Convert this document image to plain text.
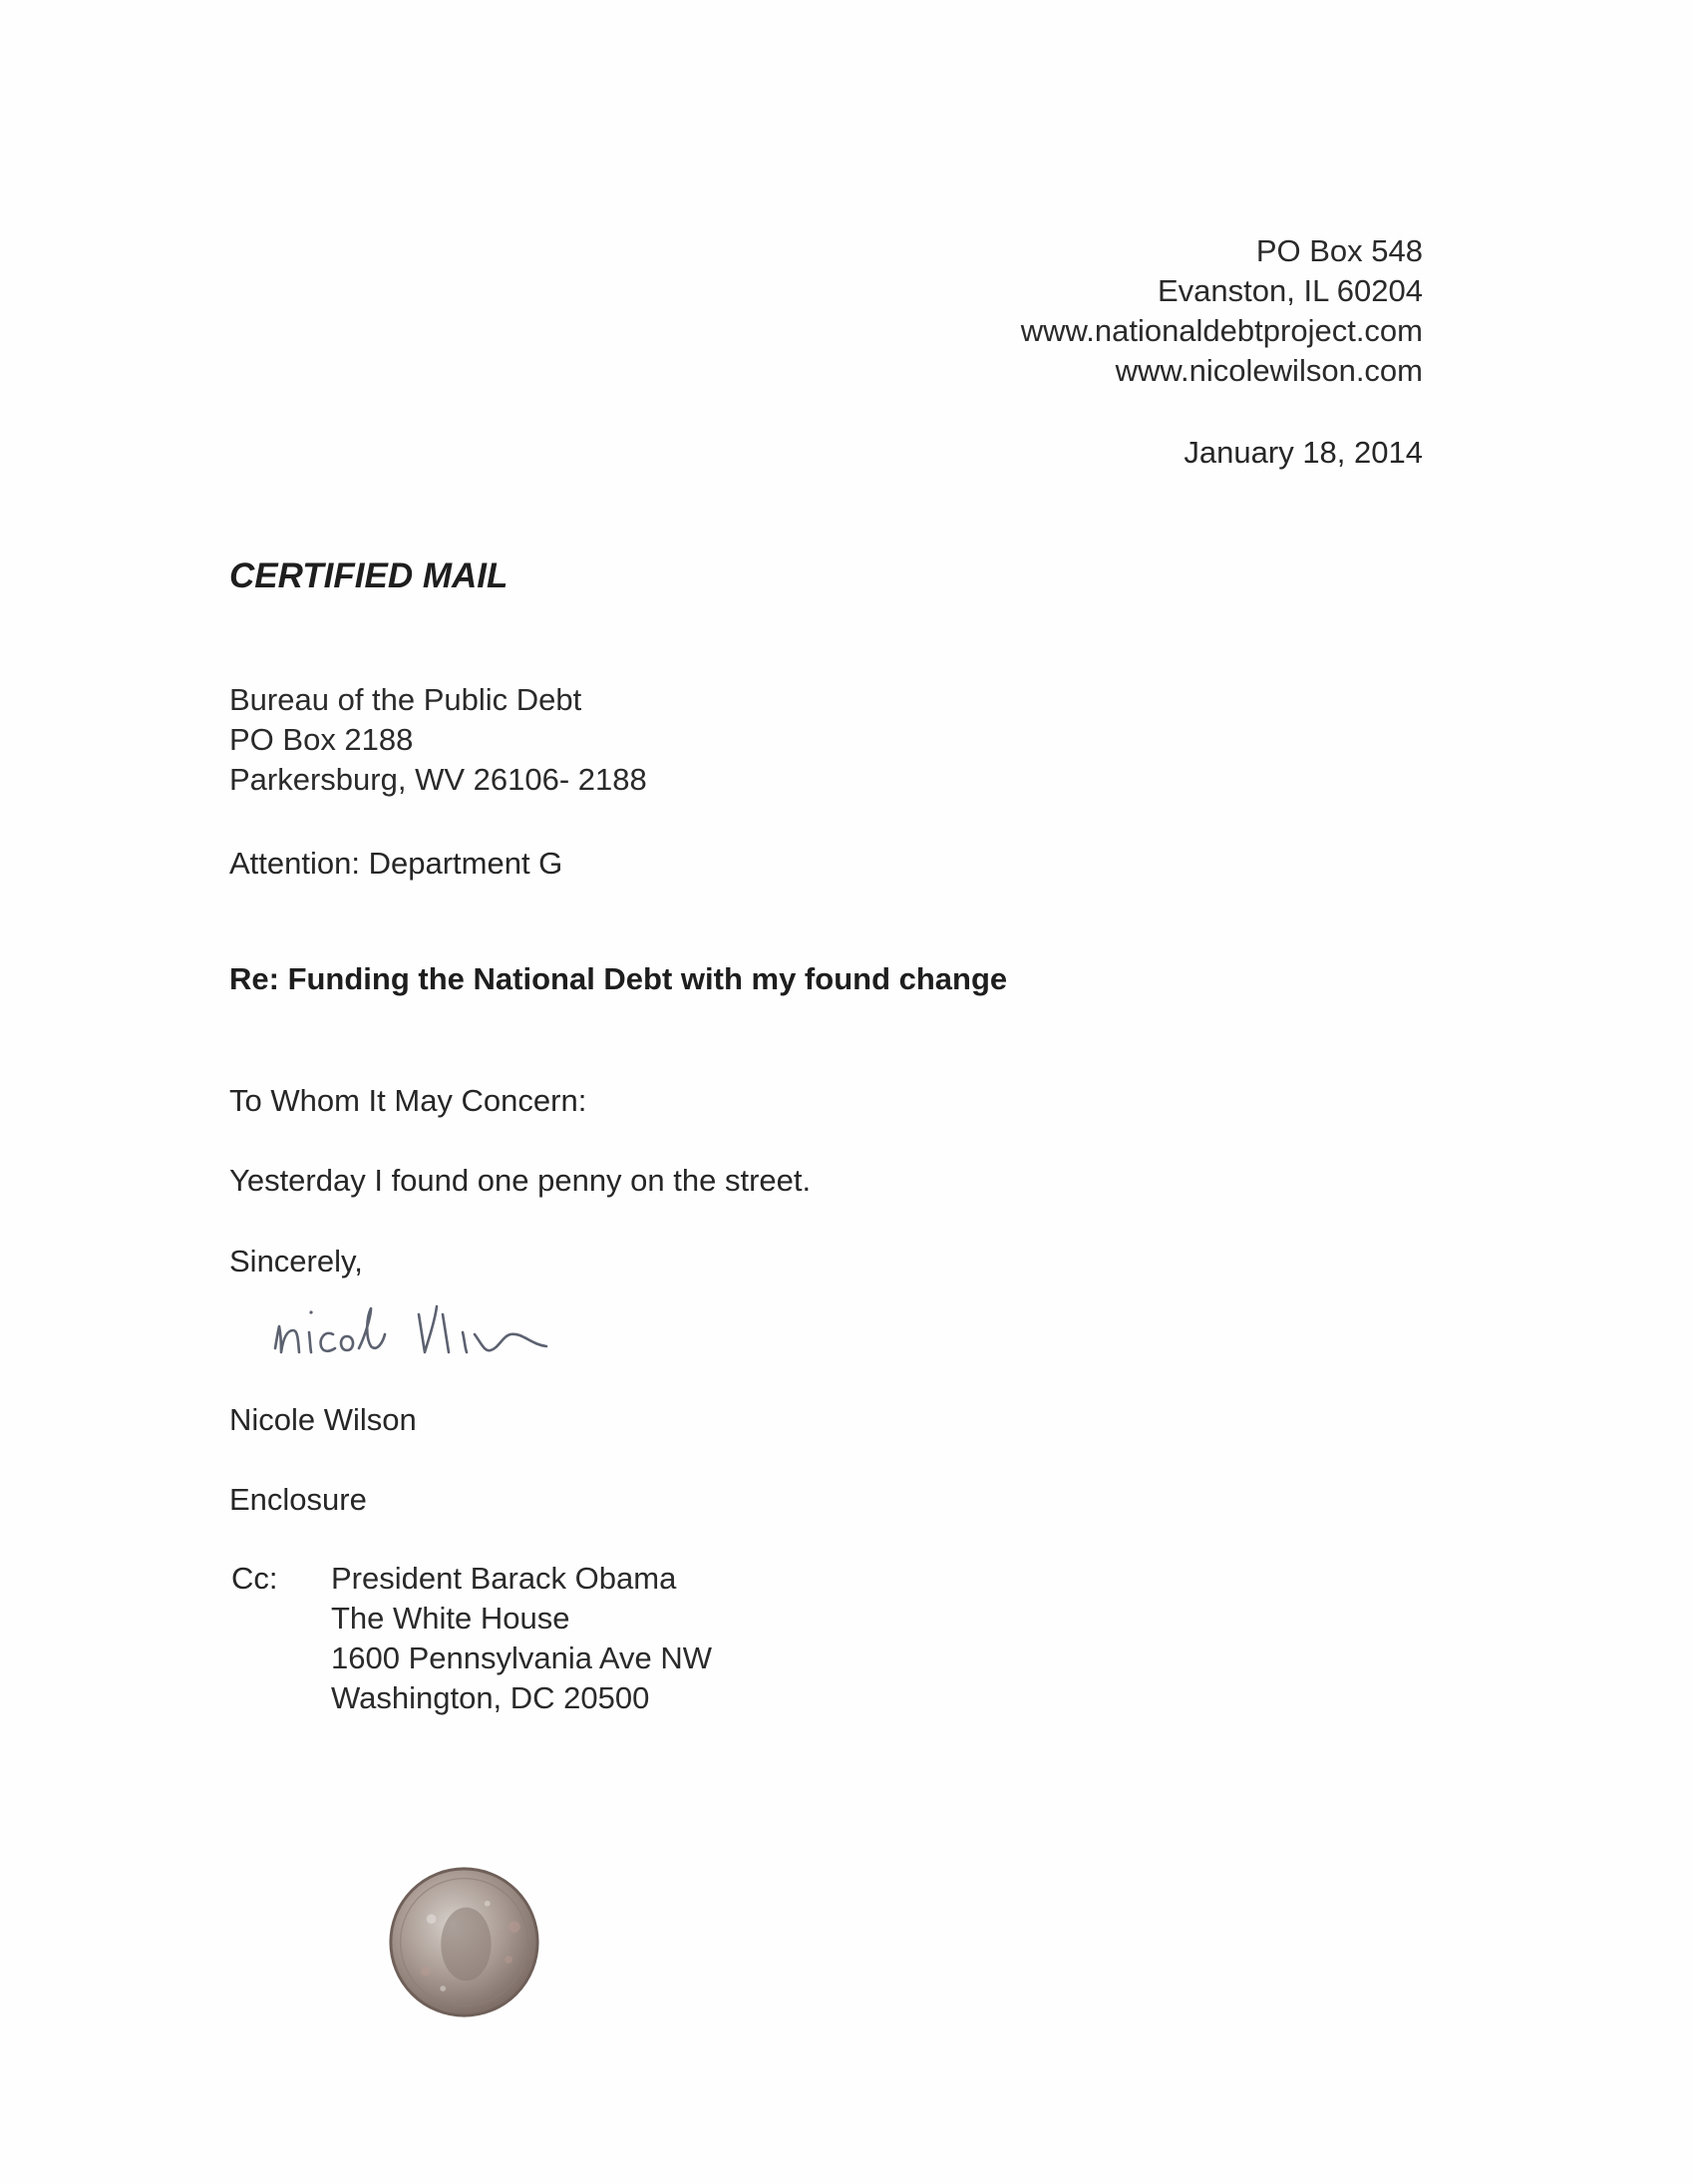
PO Box 548
Evanston, IL 60204
www.nationaldebtproject.com
www.nicolewilson.com
January 18, 2014
CERTIFIED MAIL
Bureau of the Public Debt
PO Box 2188
Parkersburg, WV 26106- 2188
Attention: Department G
Re: Funding the National Debt with my found change
To Whom It May Concern:
Yesterday I found one penny on the street.
Sincerely,
Nicole Wilson
Enclosure
Cc: President Barack Obama
The White House
1600 Pennsylvania Ave NW
Washington, DC 20500
